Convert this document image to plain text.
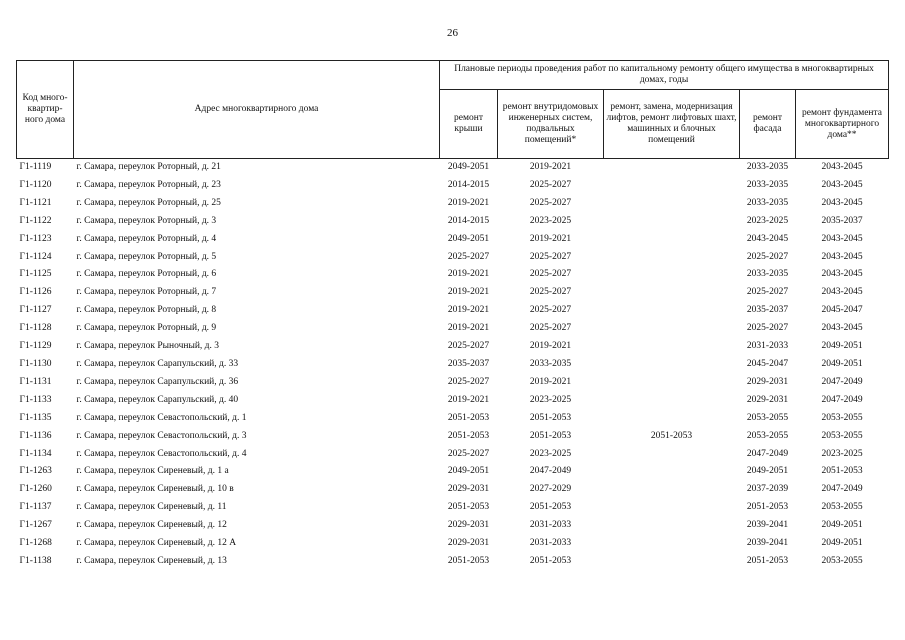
26
Код много-
квартир-
ного дома	Адрес многоквартирного дома	Плановые периоды проведения работ по капитальному ремонту общего имущества в многоквартирных домах, годы				
		ремонт крыши	ремонт внутридомовых инженерных систем, подвальных помещений*	ремонт, замена, модернизация лифтов, ремонт лифтовых шахт, машинных и блочных помещений	ремонт фасада	ремонт фундамента многоквартирного дома**
Г1-1119	г. Самара, переулок Роторный, д. 21	2049-2051	2019-2021		2033-2035	2043-2045
Г1-1120	г. Самара, переулок Роторный, д. 23	2014-2015	2025-2027		2033-2035	2043-2045
Г1-1121	г. Самара, переулок Роторный, д. 25	2019-2021	2025-2027		2033-2035	2043-2045
Г1-1122	г. Самара, переулок Роторный, д. 3	2014-2015	2023-2025		2023-2025	2035-2037
Г1-1123	г. Самара, переулок Роторный, д. 4	2049-2051	2019-2021		2043-2045	2043-2045
Г1-1124	г. Самара, переулок Роторный, д. 5	2025-2027	2025-2027		2025-2027	2043-2045
Г1-1125	г. Самара, переулок Роторный, д. 6	2019-2021	2025-2027		2033-2035	2043-2045
Г1-1126	г. Самара, переулок Роторный, д. 7	2019-2021	2025-2027		2025-2027	2043-2045
Г1-1127	г. Самара, переулок Роторный, д. 8	2019-2021	2025-2027		2035-2037	2045-2047
Г1-1128	г. Самара, переулок Роторный, д. 9	2019-2021	2025-2027		2025-2027	2043-2045
Г1-1129	г. Самара, переулок Рыночный, д. 3	2025-2027	2019-2021		2031-2033	2049-2051
Г1-1130	г. Самара, переулок Сарапульский, д. 33	2035-2037	2033-2035		2045-2047	2049-2051
Г1-1131	г. Самара, переулок Сарапульский, д. 36	2025-2027	2019-2021		2029-2031	2047-2049
Г1-1133	г. Самара, переулок Сарапульский, д. 40	2019-2021	2023-2025		2029-2031	2047-2049
Г1-1135	г. Самара, переулок Севастопольский, д. 1	2051-2053	2051-2053		2053-2055	2053-2055
Г1-1136	г. Самара, переулок Севастопольский, д. 3	2051-2053	2051-2053	2051-2053	2053-2055	2053-2055
Г1-1134	г. Самара, переулок Севастопольский, д. 4	2025-2027	2023-2025		2047-2049	2023-2025
Г1-1263	г. Самара, переулок Сиреневый, д. 1 а	2049-2051	2047-2049		2049-2051	2051-2053
Г1-1260	г. Самара, переулок Сиреневый, д. 10 в	2029-2031	2027-2029		2037-2039	2047-2049
Г1-1137	г. Самара, переулок Сиреневый, д. 11	2051-2053	2051-2053		2051-2053	2053-2055
Г1-1267	г. Самара, переулок Сиреневый, д. 12	2029-2031	2031-2033		2039-2041	2049-2051
Г1-1268	г. Самара, переулок Сиреневый, д. 12 А	2029-2031	2031-2033		2039-2041	2049-2051
Г1-1138	г. Самара, переулок Сиреневый, д. 13	2051-2053	2051-2053		2051-2053	2053-2055
